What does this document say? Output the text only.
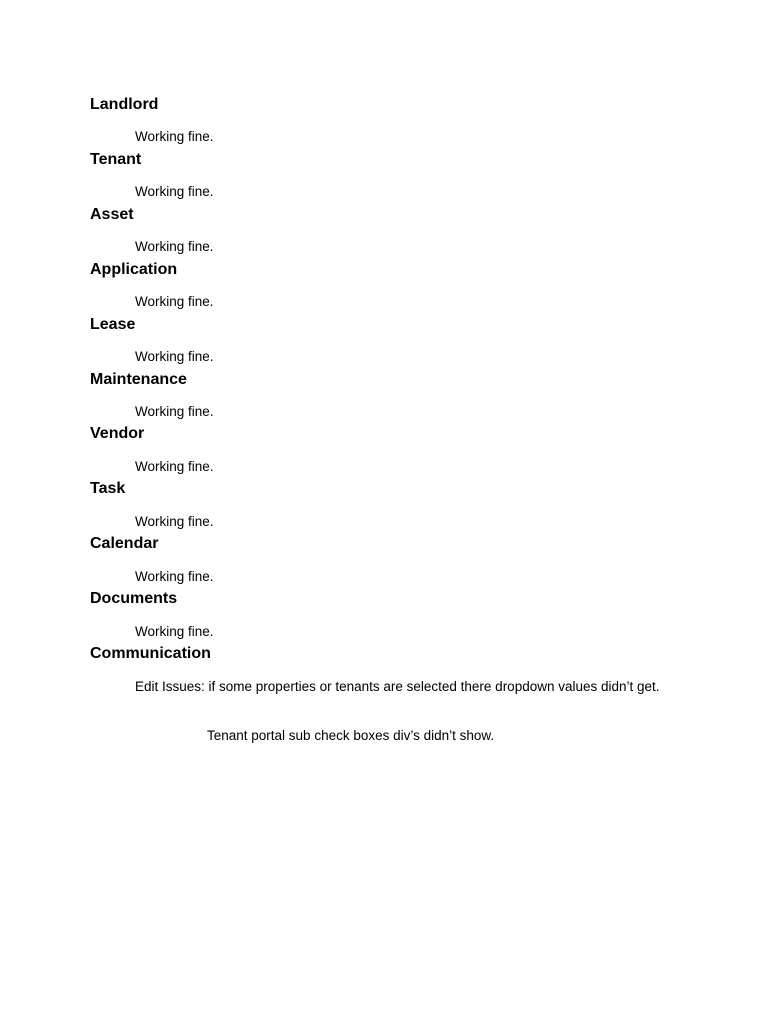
Landlord
Working fine.
Tenant
Working fine.
Asset
Working fine.
Application
Working fine.
Lease
Working fine.
Maintenance
Working fine.
Vendor
Working fine.
Task
Working fine.
Calendar
Working fine.
Documents
Working fine.
Communication
Edit Issues: if some properties or tenants are selected there dropdown values didn’t get.
Tenant portal sub check boxes div’s didn’t show.
